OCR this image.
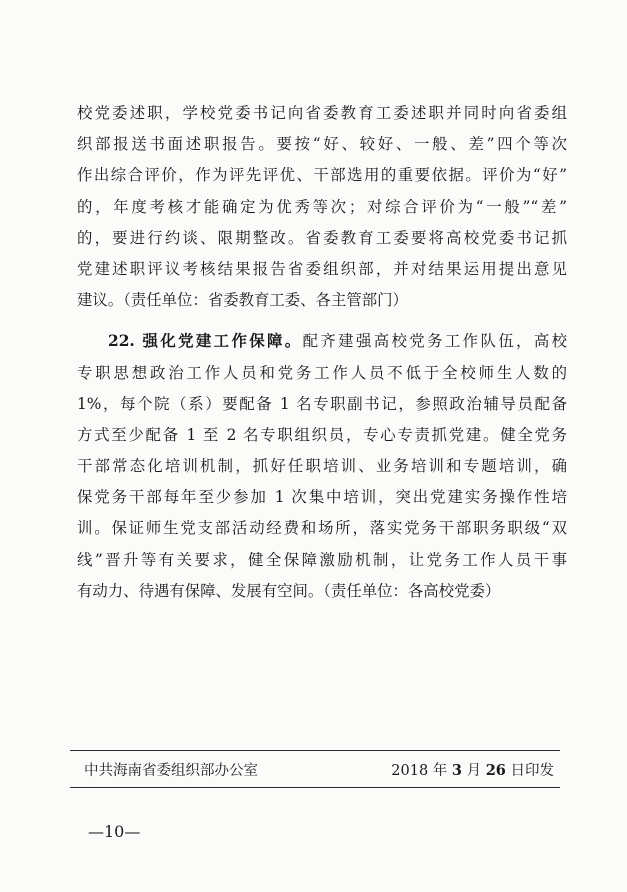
校党委述职，学校党委书记向省委教育工委述职并同时向省委组
织部报送书面述职报告。要按“好、较好、一般、差”四个等次
作出综合评价，作为评先评优、干部选用的重要依据。评价为“好”
的，年度考核才能确定为优秀等次；对综合评价为“一般”“差”
的，要进行约谈、限期整改。省委教育工委要将高校党委书记抓
党建述职评议考核结果报告省委组织部，并对结果运用提出意见
建议。（责任单位：省委教育工委、各主管部门）
22. 强化党建工作保障。配齐建强高校党务工作队伍，高校
专职思想政治工作人员和党务工作人员不低于全校师生人数的
1%，每个院（系）要配备 1 名专职副书记，参照政治辅导员配备
方式至少配备 1 至 2 名专职组织员，专心专责抓党建。健全党务
干部常态化培训机制，抓好任职培训、业务培训和专题培训，确
保党务干部每年至少参加 1 次集中培训，突出党建实务操作性培
训。保证师生党支部活动经费和场所，落实党务干部职务职级“双
线”晋升等有关要求，健全保障激励机制，让党务工作人员干事
有动力、待遇有保障、发展有空间。（责任单位：各高校党委）
中共海南省委组织部办公室	2018 年 3 月 26 日印发
—10—
